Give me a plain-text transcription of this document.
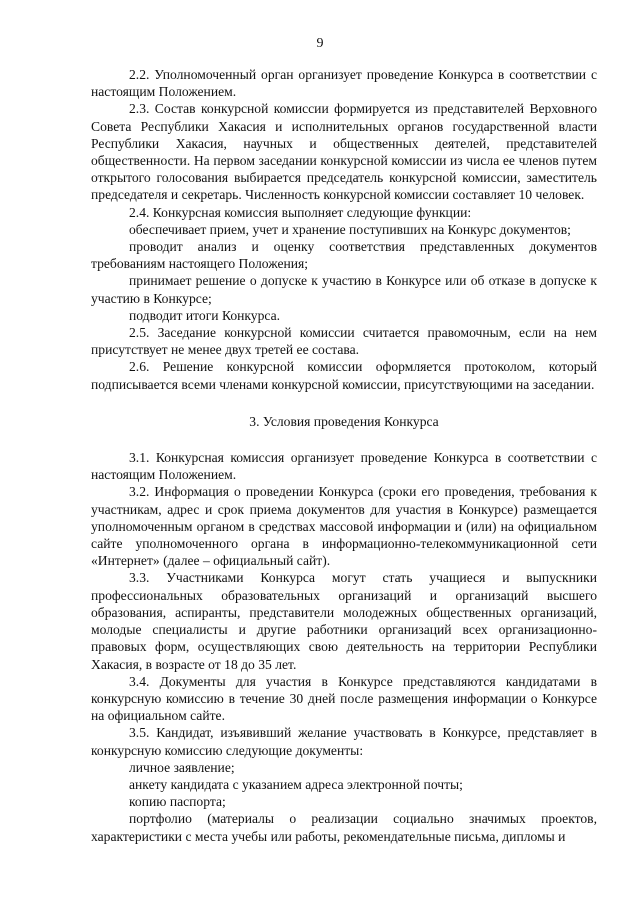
9

2.2. Уполномоченный орган организует проведение Конкурса в соответствии с настоящим Положением.

2.3. Состав конкурсной комиссии формируется из представителей Верховного Совета Республики Хакасия и исполнительных органов государственной власти Республики Хакасия, научных и общественных деятелей, представителей общественности. На первом заседании конкурсной комиссии из числа ее членов путем открытого голосования выбирается председатель конкурсной комиссии, заместитель председателя и секретарь. Численность конкурсной комиссии составляет 10 человек.

2.4. Конкурсная комиссия выполняет следующие функции:

обеспечивает прием, учет и хранение поступивших на Конкурс документов;

проводит анализ и оценку соответствия представленных документов требованиям настоящего Положения;

принимает решение о допуске к участию в Конкурсе или об отказе в допуске к участию в Конкурсе;

подводит итоги Конкурса.

2.5. Заседание конкурсной комиссии считается правомочным, если на нем присутствует не менее двух третей ее состава.

2.6. Решение конкурсной комиссии оформляется протоколом, который подписывается всеми членами конкурсной комиссии, присутствующими на заседании.

3. Условия проведения Конкурса

3.1. Конкурсная комиссия организует проведение Конкурса в соответствии с настоящим Положением.

3.2. Информация о проведении Конкурса (сроки его проведения, требования к участникам, адрес и срок приема документов для участия в Конкурсе) размещается уполномоченным органом в средствах массовой информации и (или) на официальном сайте уполномоченного органа в информационно-телекоммуникационной сети «Интернет» (далее – официальный сайт).

3.3. Участниками Конкурса могут стать учащиеся и выпускники профессиональных образовательных организаций и организаций высшего образования, аспиранты, представители молодежных общественных организаций, молодые специалисты и другие работники организаций всех организационно-правовых форм, осуществляющих свою деятельность на территории Республики Хакасия, в возрасте от 18 до 35 лет.

3.4. Документы для участия в Конкурсе представляются кандидатами в конкурсную комиссию в течение 30 дней после размещения информации о Конкурсе на официальном сайте.

3.5. Кандидат, изъявивший желание участвовать в Конкурсе, представляет в конкурсную комиссию следующие документы:

личное заявление;

анкету кандидата с указанием адреса электронной почты;

копию паспорта;

портфолио (материалы о реализации социально значимых проектов, характеристики с места учебы или работы, рекомендательные письма, дипломы и
